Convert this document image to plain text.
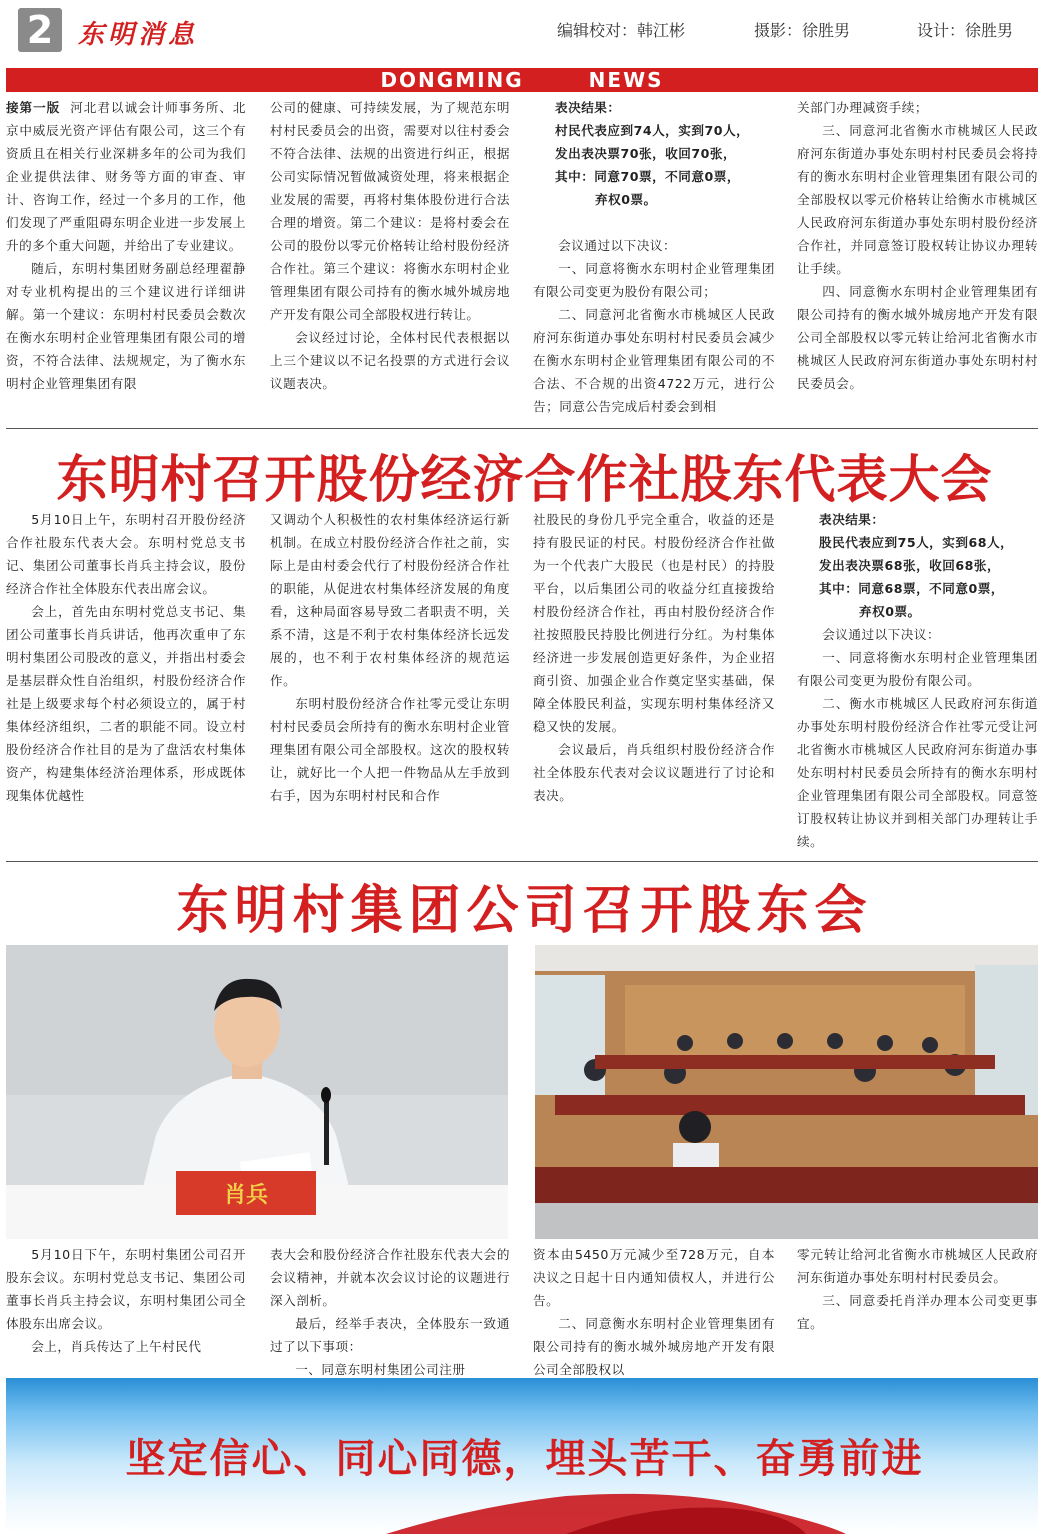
2 东明消息	编辑校对：韩江彬	摄影：徐胜男	设计：徐胜男
DONGMING	NEWS

接第一版 河北君以诚会计师事务所、北京中威辰光资产评估有限公司，这三个有资质且在相关行业深耕多年的公司为我们企业提供法律、财务等方面的审查、审计、咨询工作，经过一个多月的工作，他们发现了严重阻碍东明企业进一步发展上升的多个重大问题，并给出了专业建议。

随后，东明村集团财务副总经理翟静对专业机构提出的三个建议进行详细讲解。第一个建议：东明村村民委员会数次在衡水东明村企业管理集团有限公司的增资，不符合法律、法规规定，为了衡水东明村企业管理集团有限

公司的健康、可持续发展，为了规范东明村村民委员会的出资，需要对以往村委会不符合法律、法规的出资进行纠正，根据公司实际情况暂做减资处理，将来根据企业发展的需要，再将村集体股份进行合法合理的增资。第二个建议：是将村委会在公司的股份以零元价格转让给村股份经济合作社。第三个建议：将衡水东明村企业管理集团有限公司持有的衡水城外城房地产开发有限公司全部股权进行转让。

会议经过讨论，全体村民代表根据以上三个建议以不记名投票的方式进行会议议题表决。

表决结果：

村民代表应到74人，实到70人，

发出表决票70张，收回70张，

其中：同意70票，不同意0票，

弃权0票。

会议通过以下决议：

一、同意将衡水东明村企业管理集团有限公司变更为股份有限公司；

二、同意河北省衡水市桃城区人民政府河东街道办事处东明村村民委员会减少在衡水东明村企业管理集团有限公司的不合法、不合规的出资4722万元，进行公告；同意公告完成后村委会到相

关部门办理减资手续；

三、同意河北省衡水市桃城区人民政府河东街道办事处东明村村民委员会将持有的衡水东明村企业管理集团有限公司的全部股权以零元价格转让给衡水市桃城区人民政府河东街道办事处东明村股份经济合作社，并同意签订股权转让协议办理转让手续。

四、同意衡水东明村企业管理集团有限公司持有的衡水城外城房地产开发有限公司全部股权以零元转让给河北省衡水市桃城区人民政府河东街道办事处东明村村民委员会。

东明村召开股份经济合作社股东代表大会

5月10日上午，东明村召开股份经济合作社股东代表大会。东明村党总支书记、集团公司董事长肖兵主持会议，股份经济合作社全体股东代表出席会议。

会上，首先由东明村党总支书记、集团公司董事长肖兵讲话，他再次重申了东明村集团公司股改的意义，并指出村委会是基层群众性自治组织，村股份经济合作社是上级要求每个村必须设立的，属于村集体经济组织，二者的职能不同。设立村股份经济合作社目的是为了盘活农村集体资产，构建集体经济治理体系，形成既体现集体优越性

又调动个人积极性的农村集体经济运行新机制。在成立村股份经济合作社之前，实际上是由村委会代行了村股份经济合作社的职能，从促进农村集体经济发展的角度看，这种局面容易导致二者职责不明，关系不清，这是不利于农村集体经济长远发展的，也不利于农村集体经济的规范运作。

东明村股份经济合作社零元受让东明村村民委员会所持有的衡水东明村企业管理集团有限公司全部股权。这次的股权转让，就好比一个人把一件物品从左手放到右手，因为东明村村民和合作

社股民的身份几乎完全重合，收益的还是持有股民证的村民。村股份经济合作社做为一个代表广大股民（也是村民）的持股平台，以后集团公司的收益分红直接拨给村股份经济合作社，再由村股份经济合作社按照股民持股比例进行分红。为村集体经济进一步发展创造更好条件，为企业招商引资、加强企业合作奠定坚实基础，保障全体股民利益，实现东明村集体经济又稳又快的发展。

会议最后，肖兵组织村股份经济合作社全体股东代表对会议议题进行了讨论和表决。

表决结果：

股民代表应到75人，实到68人，

发出表决票68张，收回68张，

其中：同意68票，不同意0票，

弃权0票。

会议通过以下决议：

一、同意将衡水东明村企业管理集团有限公司变更为股份有限公司。

二、衡水市桃城区人民政府河东街道办事处东明村股份经济合作社零元受让河北省衡水市桃城区人民政府河东街道办事处东明村村民委员会所持有的衡水东明村企业管理集团有限公司全部股权。同意签订股权转让协议并到相关部门办理转让手续。

东明村集团公司召开股东会
肖兵

5月10日下午，东明村集团公司召开股东会议。东明村党总支书记、集团公司董事长肖兵主持会议，东明村集团公司全体股东出席会议。

会上，肖兵传达了上午村民代

表大会和股份经济合作社股东代表大会的会议精神，并就本次会议讨论的议题进行深入剖析。

最后，经举手表决，全体股东一致通过了以下事项：

一、同意东明村集团公司注册

资本由5450万元减少至728万元，自本决议之日起十日内通知债权人，并进行公告。

二、同意衡水东明村企业管理集团有限公司持有的衡水城外城房地产开发有限公司全部股权以

零元转让给河北省衡水市桃城区人民政府河东街道办事处东明村村民委员会。

三、同意委托肖洋办理本公司变更事宜。

坚定信心、同心同德，埋头苦干、奋勇前进
